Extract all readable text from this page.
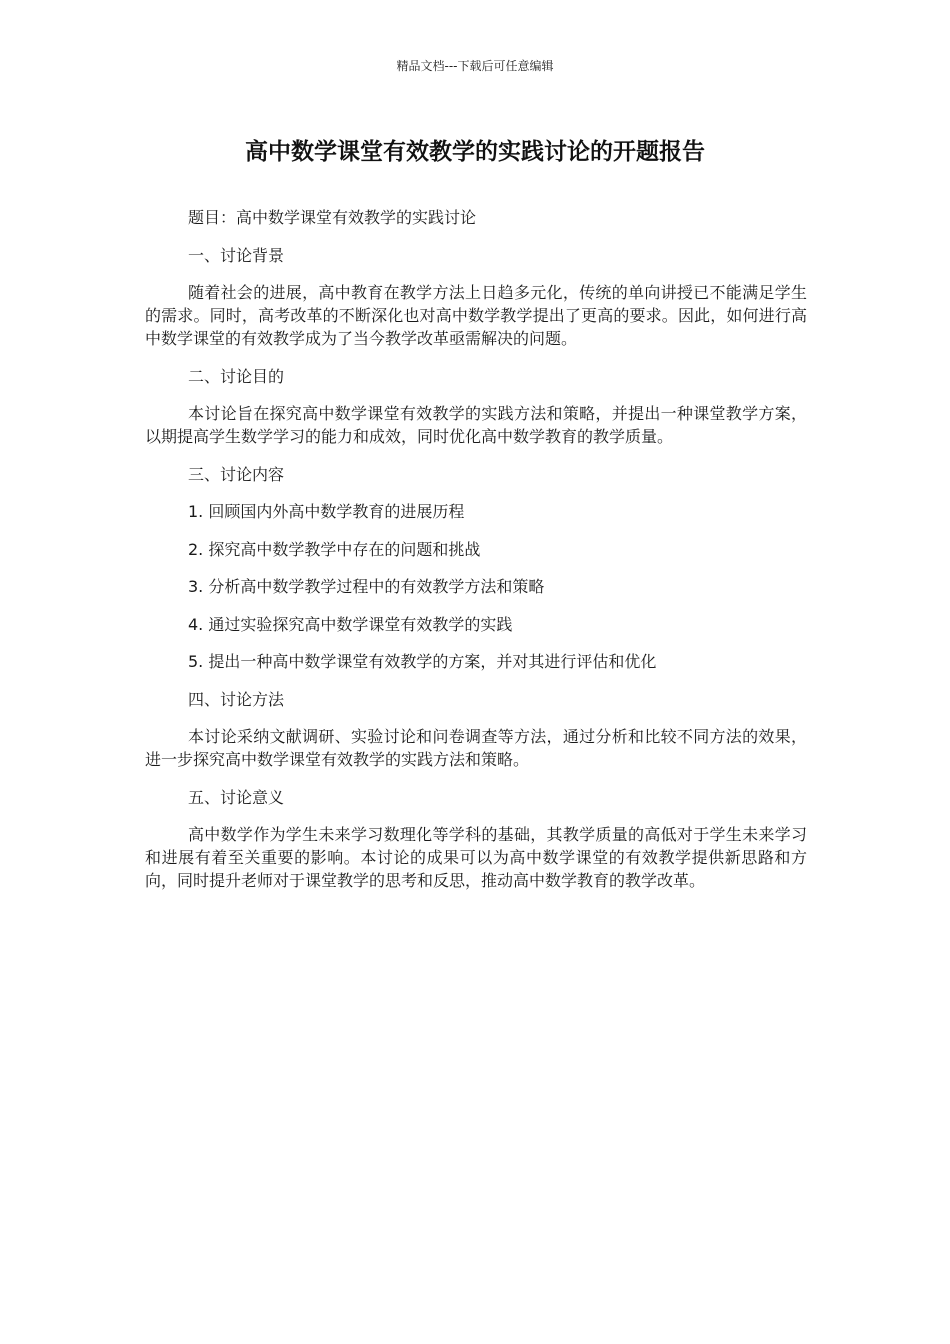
精品文档---下载后可任意编辑
高中数学课堂有效教学的实践讨论的开题报告

题目：高中数学课堂有效教学的实践讨论

一、讨论背景

随着社会的进展，高中教育在教学方法上日趋多元化，传统的单向讲授已不能满足学生的需求。同时，高考改革的不断深化也对高中数学教学提出了更高的要求。因此，如何进行高中数学课堂的有效教学成为了当今教学改革亟需解决的问题。

二、讨论目的

本讨论旨在探究高中数学课堂有效教学的实践方法和策略，并提出一种课堂教学方案，以期提高学生数学学习的能力和成效，同时优化高中数学教育的教学质量。

三、讨论内容

1. 回顾国内外高中数学教育的进展历程

2. 探究高中数学教学中存在的问题和挑战

3. 分析高中数学教学过程中的有效教学方法和策略

4. 通过实验探究高中数学课堂有效教学的实践

5. 提出一种高中数学课堂有效教学的方案，并对其进行评估和优化

四、讨论方法

本讨论采纳文献调研、实验讨论和问卷调查等方法，通过分析和比较不同方法的效果，进一步探究高中数学课堂有效教学的实践方法和策略。

五、讨论意义

高中数学作为学生未来学习数理化等学科的基础，其教学质量的高低对于学生未来学习和进展有着至关重要的影响。本讨论的成果可以为高中数学课堂的有效教学提供新思路和方向，同时提升老师对于课堂教学的思考和反思，推动高中数学教育的教学改革。
